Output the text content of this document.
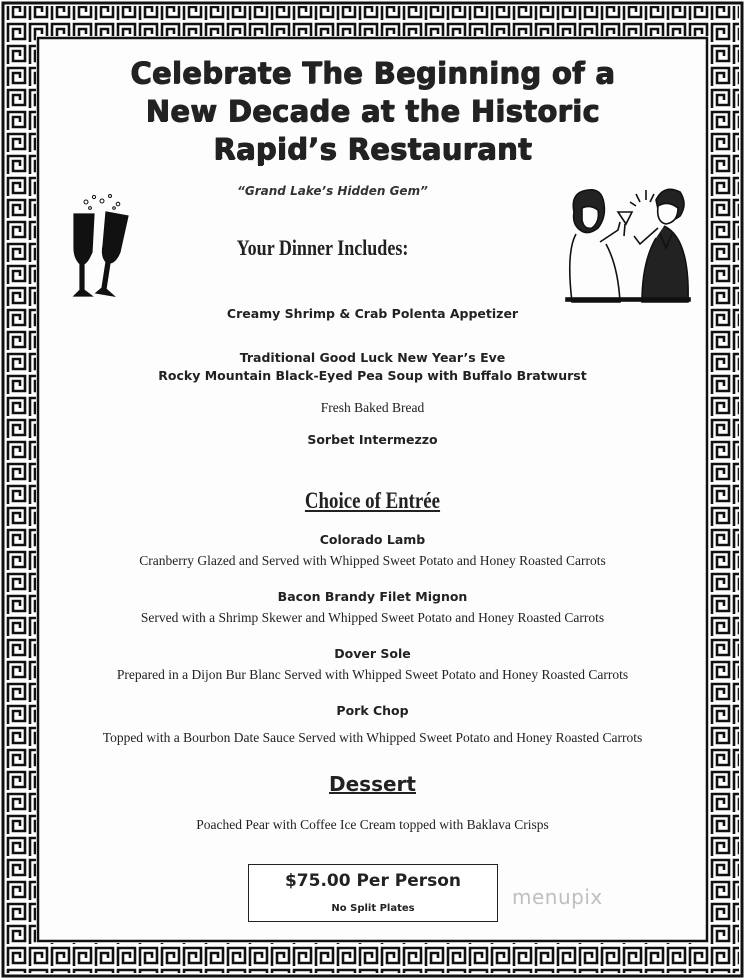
Celebrate The Beginning of a
New Decade at the Historic
Rapid’s Restaurant
“Grand Lake’s Hidden Gem”
Your Dinner Includes:
Creamy Shrimp & Crab Polenta Appetizer
Traditional Good Luck New Year’s Eve
Rocky Mountain Black-Eyed Pea Soup with Buffalo Bratwurst
Fresh Baked Bread
Sorbet Intermezzo
Choice of Entrée
Colorado Lamb
Cranberry Glazed and Served with Whipped Sweet Potato and Honey Roasted Carrots
Bacon Brandy Filet Mignon
Served with a Shrimp Skewer and Whipped Sweet Potato and Honey Roasted Carrots
Dover Sole
Prepared in a Dijon Bur Blanc Served with Whipped Sweet Potato and Honey Roasted Carrots
Pork Chop
Topped with a Bourbon Date Sauce Served with Whipped Sweet Potato and Honey Roasted Carrots
Dessert
Poached Pear with Coffee Ice Cream topped with Baklava Crisps
$75.00 Per Person
No Split Plates	menupix
